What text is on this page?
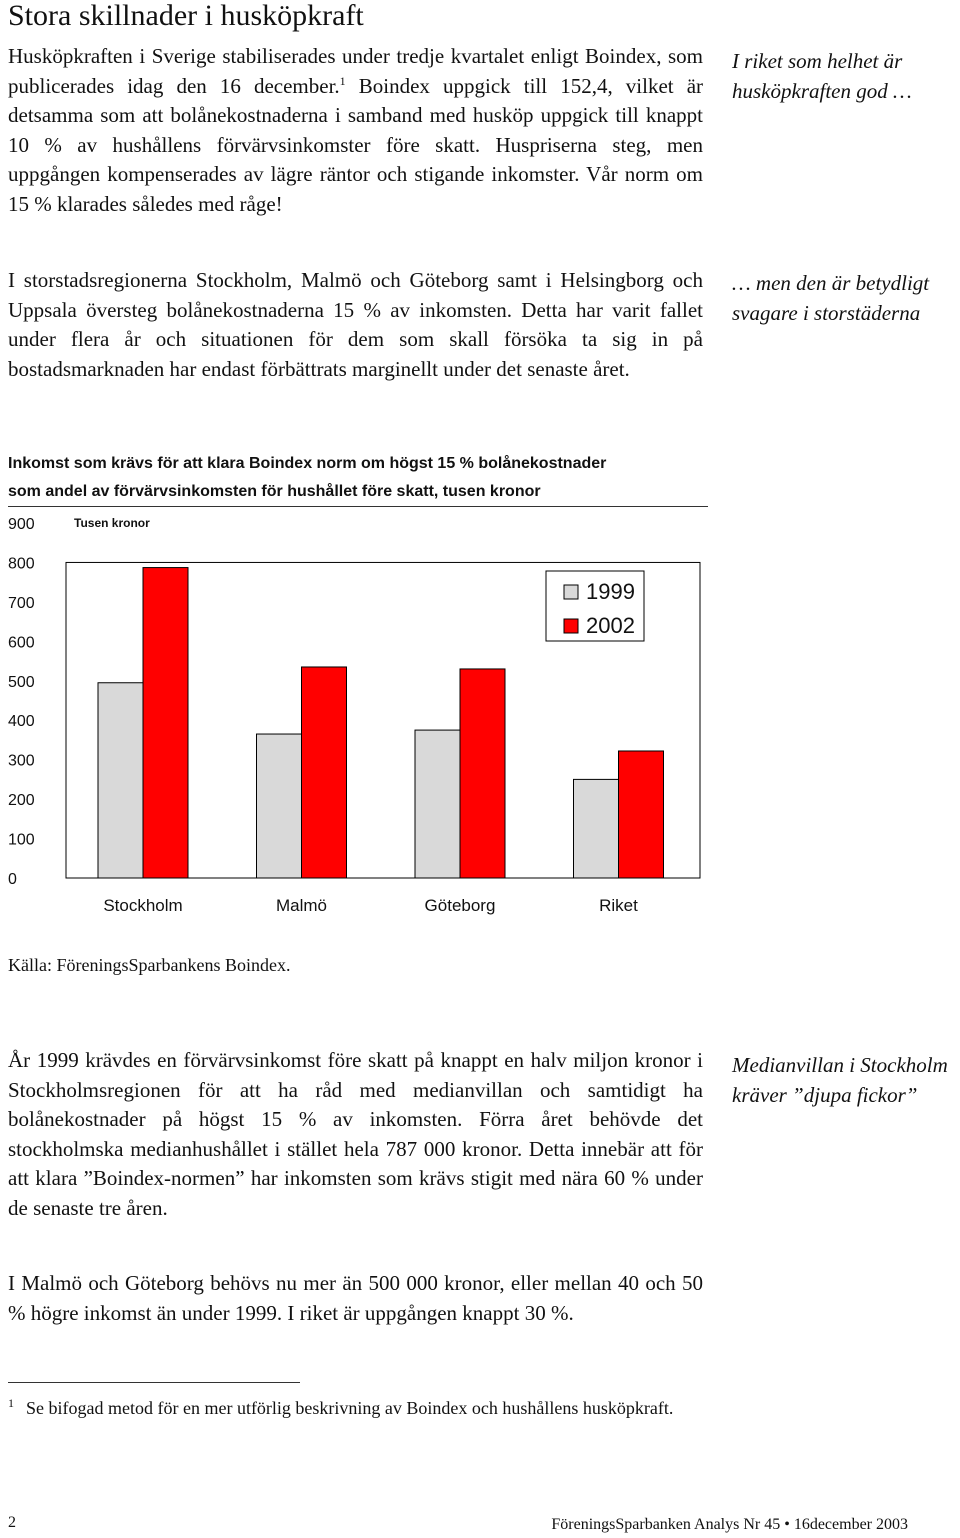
Stora skillnader i husköpkraft

Husköpkraften i Sverige stabiliserades under tredje kvartalet enligt Boindex, som publicerades idag den 16 december.$^1$ Boindex uppgick till 152,4, vilket är detsamma som att bolånekostnaderna i samband med husköp uppgick till knappt 10 % av hushållens förvärvsinkomster före skatt. Huspriserna steg, men uppgången kompenserades av lägre räntor och stigande inkomster. Vår norm om 15 % klarades således med råge!

I storstadsregionerna Stockholm, Malmö och Göteborg samt i Helsingborg och Uppsala översteg bolånekostnaderna 15 % av inkomsten. Detta har varit fallet under flera år och situationen för dem som skall försöka ta sig in på bostadsmarknaden har endast förbättrats marginellt under det senaste året.

I riket som helhet är husköpkraften god …
… men den är betydligt svagare i storstäderna
Inkomst som krävs för att klara Boindex norm om högst 15 % bolånekostnader
som andel av förvärvsinkomsten för hushållet före skatt, tusen kronor
0
100
200
300
400
500
600
700
800
900	Tusen kronor
Stockholm	Malmö	Göteborg	Riket
1999
2002
Källa: FöreningsSparbankens Boindex.

År 1999 krävdes en förvärvsinkomst före skatt på knappt en halv miljon kronor i Stockholmsregionen för att ha råd med medianvillan och samtidigt ha bolånekostnader på högst 15 % av inkomsten. Förra året behövde det stockholmska medianhushållet i stället hela 787 000 kronor. Detta innebär att för att klara ”Boindex-normen” har inkomsten som krävs stigit med nära 60 % under de senaste tre åren.

I Malmö och Göteborg behövs nu mer än 500 000 kronor, eller mellan 40 och 50 % högre inkomst än under 1999. I riket är uppgången knappt 30 %.

Medianvillan i Stockholm kräver ”djupa fickor”
$^1$ Se bifogad metod för en mer utförlig beskrivning av Boindex och hushållens husköpkraft.
2	FöreningsSparbanken Analys Nr 45 • 16december 2003
